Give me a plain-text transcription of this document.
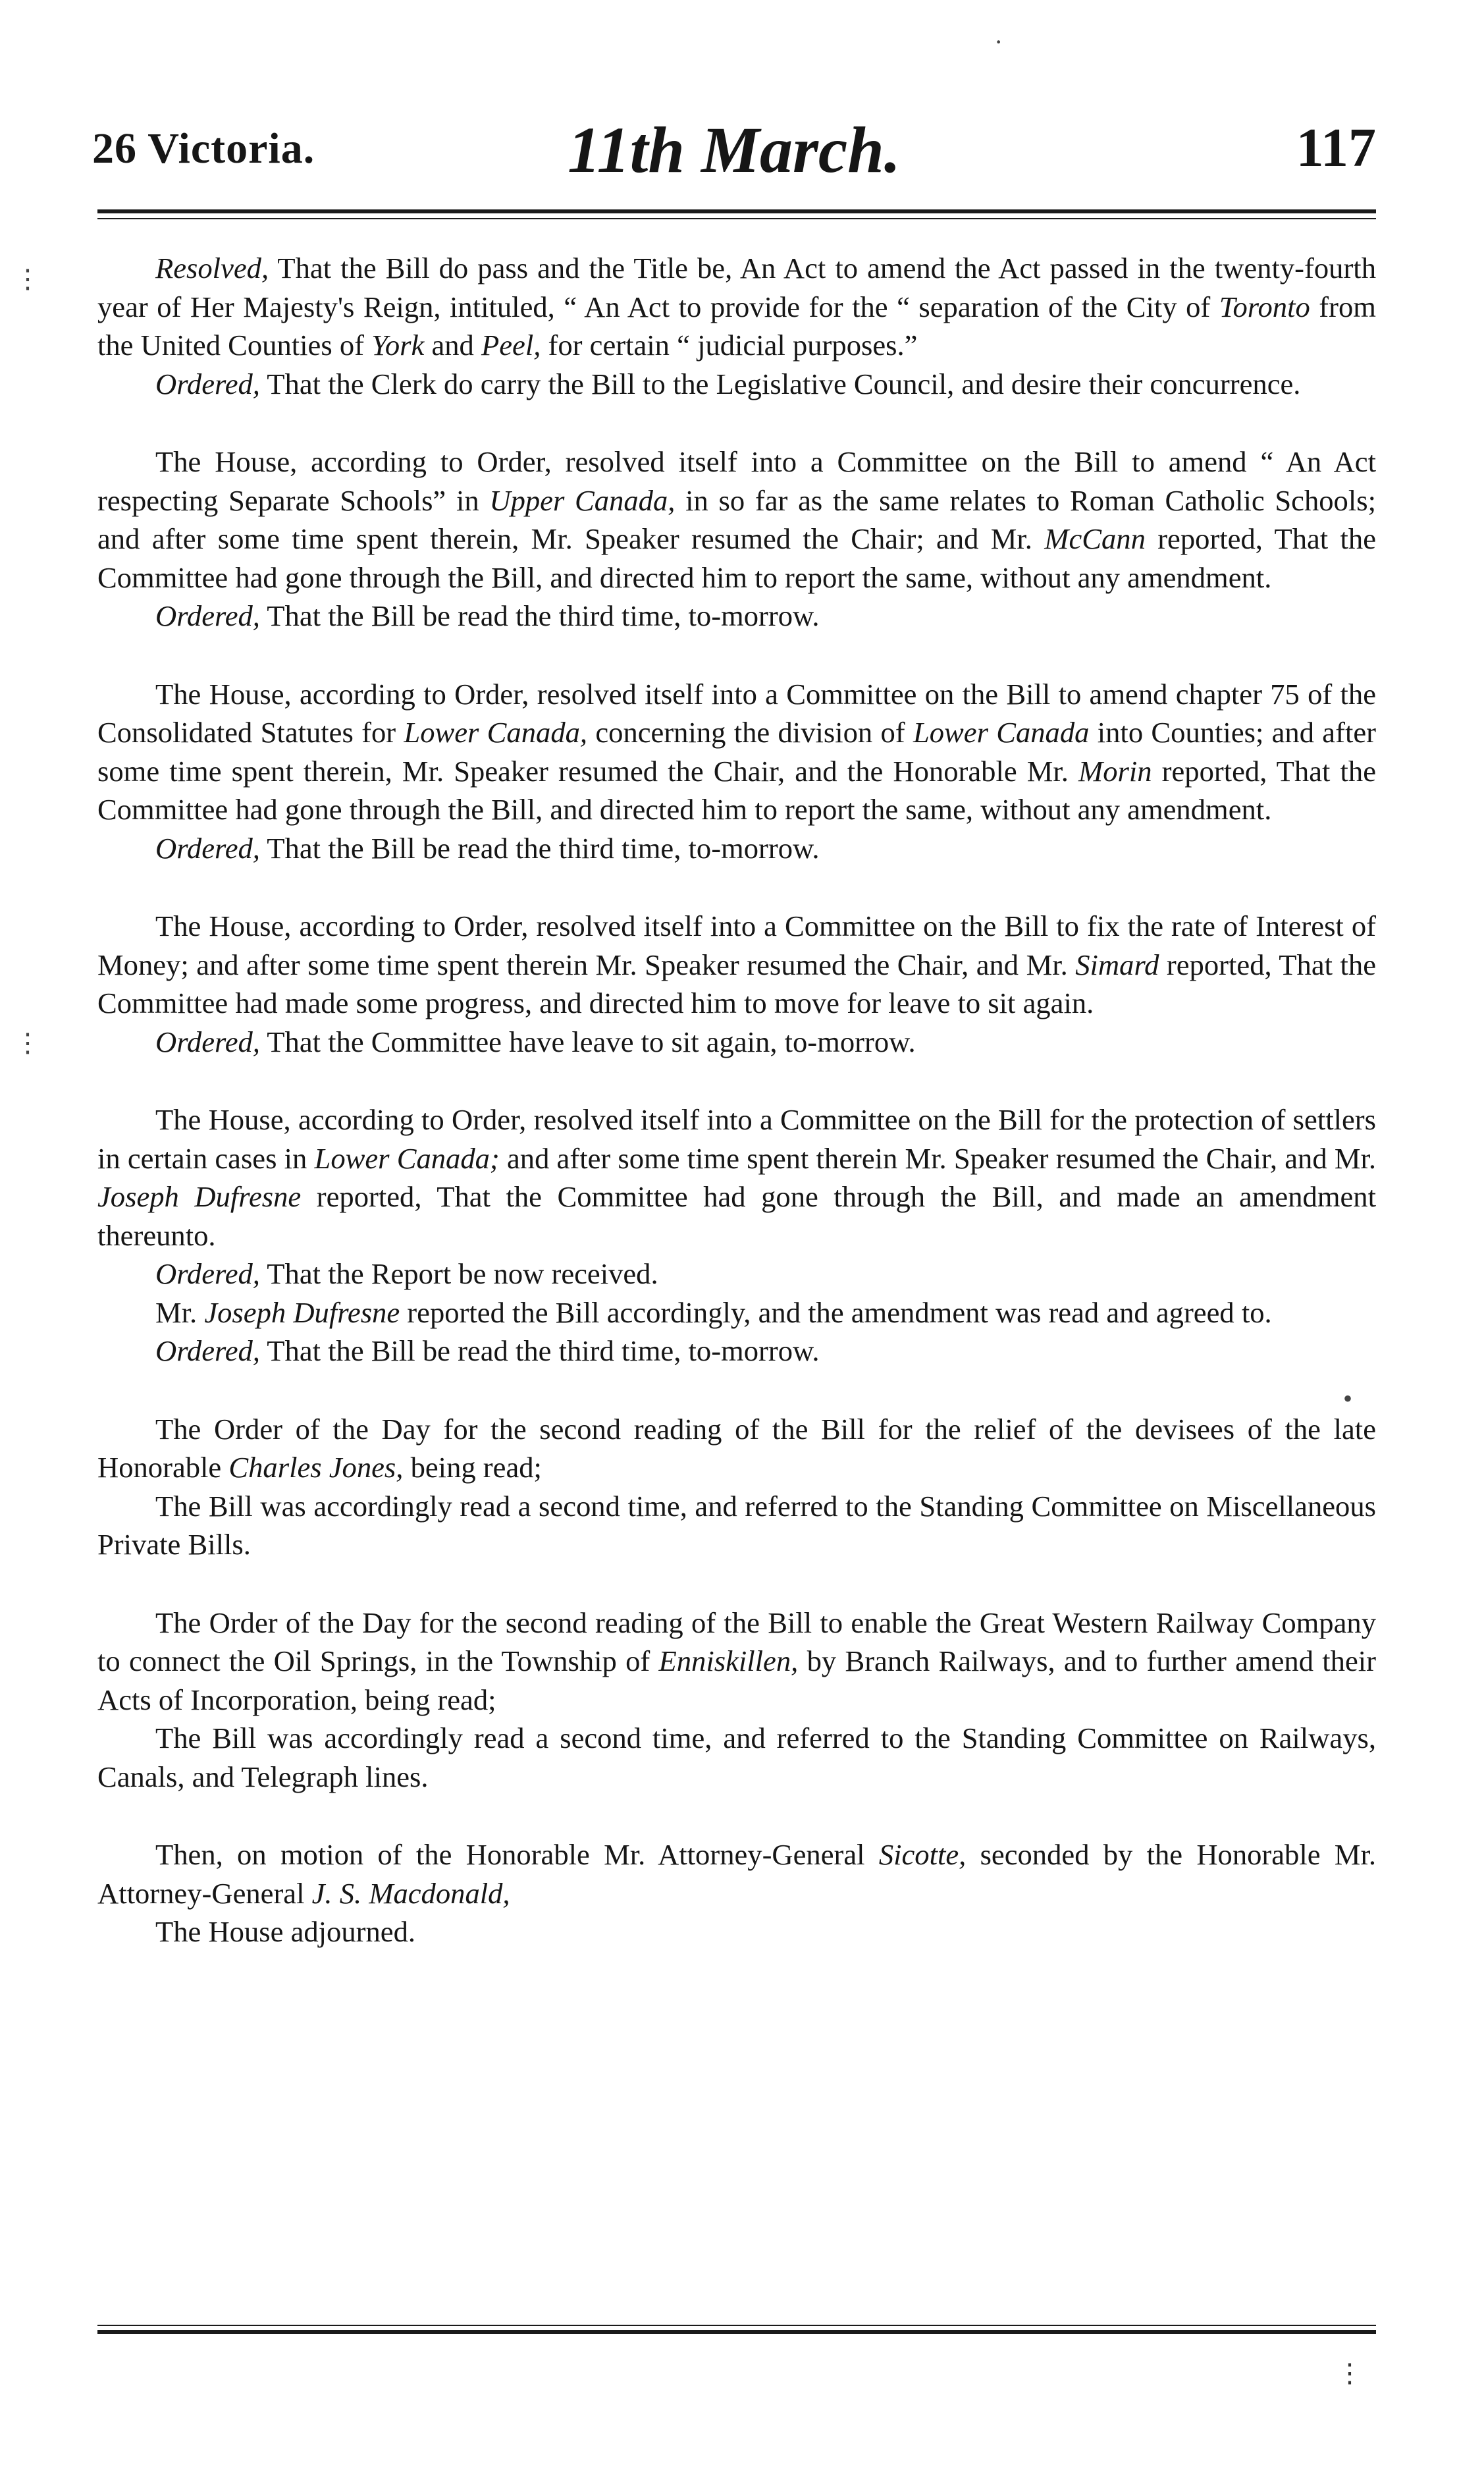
26 Victoria.	11th March.	117

Resolved, That the Bill do pass and the Title be, An Act to amend the Act passed in the twenty-fourth year of Her Majesty's Reign, intituled, “ An Act to provide for the “ separation of the City of Toronto from the United Counties of York and Peel, for certain “ judicial purposes.”

Ordered, That the Clerk do carry the Bill to the Legislative Council, and desire their concurrence.

The House, according to Order, resolved itself into a Committee on the Bill to amend “ An Act respecting Separate Schools” in Upper Canada, in so far as the same relates to Roman Catholic Schools; and after some time spent therein, Mr. Speaker resumed the Chair; and Mr. McCann reported, That the Committee had gone through the Bill, and directed him to report the same, without any amendment.

Ordered, That the Bill be read the third time, to-morrow.

The House, according to Order, resolved itself into a Committee on the Bill to amend chapter 75 of the Consolidated Statutes for Lower Canada, concerning the division of Lower Canada into Counties; and after some time spent therein, Mr. Speaker resumed the Chair, and the Honorable Mr. Morin reported, That the Committee had gone through the Bill, and directed him to report the same, without any amendment.

Ordered, That the Bill be read the third time, to-morrow.

The House, according to Order, resolved itself into a Committee on the Bill to fix the rate of Interest of Money; and after some time spent therein Mr. Speaker resumed the Chair, and Mr. Simard reported, That the Committee had made some progress, and directed him to move for leave to sit again.

Ordered, That the Committee have leave to sit again, to-morrow.

The House, according to Order, resolved itself into a Committee on the Bill for the protection of settlers in certain cases in Lower Canada; and after some time spent therein Mr. Speaker resumed the Chair, and Mr. Joseph Dufresne reported, That the Committee had gone through the Bill, and made an amendment thereunto.

Ordered, That the Report be now received.

Mr. Joseph Dufresne reported the Bill accordingly, and the amendment was read and agreed to.

Ordered, That the Bill be read the third time, to-morrow.

The Order of the Day for the second reading of the Bill for the relief of the devisees of the late Honorable Charles Jones, being read;

The Bill was accordingly read a second time, and referred to the Standing Committee on Miscellaneous Private Bills.

The Order of the Day for the second reading of the Bill to enable the Great Western Railway Company to connect the Oil Springs, in the Township of Enniskillen, by Branch Railways, and to further amend their Acts of Incorporation, being read;

The Bill was accordingly read a second time, and referred to the Standing Committee on Railways, Canals, and Telegraph lines.

Then, on motion of the Honorable Mr. Attorney-General Sicotte, seconded by the Honorable Mr. Attorney-General J. S. Macdonald,

The House adjourned.

·
⋮
⋮
•
⋮
